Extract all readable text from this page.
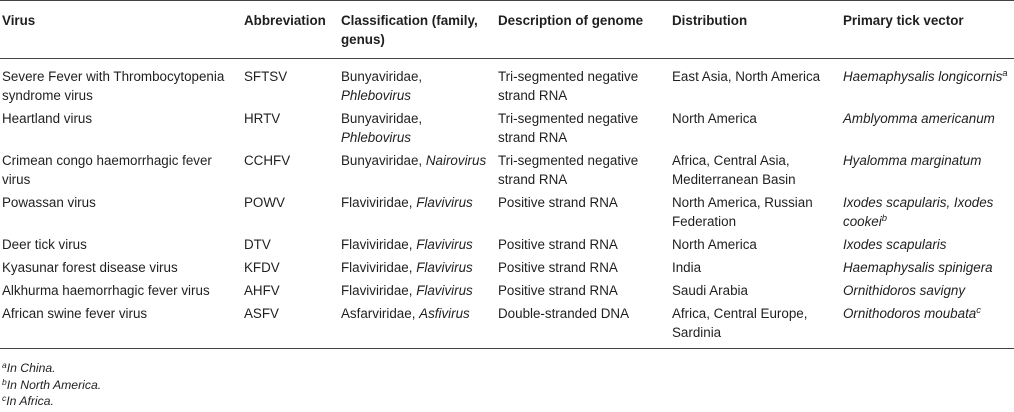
Virus	Abbreviation	Classification (family, genus)	Description of genome	Distribution	Primary tick vector
Severe Fever with Thrombocytopenia syndrome virus	SFTSV	Bunyaviridae, Phlebovirus	Tri-segmented negative strand RNA	East Asia, North America	Haemaphysalis longicornis$^a$
Heartland virus	HRTV	Bunyaviridae, Phlebovirus	Tri-segmented negative strand RNA	North America	Amblyomma americanum
Crimean congo haemorrhagic fever virus	CCHFV	Bunyaviridae, Nairovirus	Tri-segmented negative strand RNA	Africa, Central Asia, Mediterranean Basin	Hyalomma marginatum
Powassan virus	POWV	Flaviviridae, Flavivirus	Positive strand RNA	North America, Russian Federation	Ixodes scapularis, Ixodes cookei$^b$
Deer tick virus	DTV	Flaviviridae, Flavivirus	Positive strand RNA	North America	Ixodes scapularis
Kyasunar forest disease virus	KFDV	Flaviviridae, Flavivirus	Positive strand RNA	India	Haemaphysalis spinigera
Alkhurma haemorrhagic fever virus	AHFV	Flaviviridae, Flavivirus	Positive strand RNA	Saudi Arabia	Ornithidoros savigny
African swine fever virus	ASFV	Asfarviridae, Asfivirus	Double-stranded DNA	Africa, Central Europe, Sardinia	Ornithodoros moubata$^c$
$^a$In China.
$^b$In North America.
$^c$In Africa.
